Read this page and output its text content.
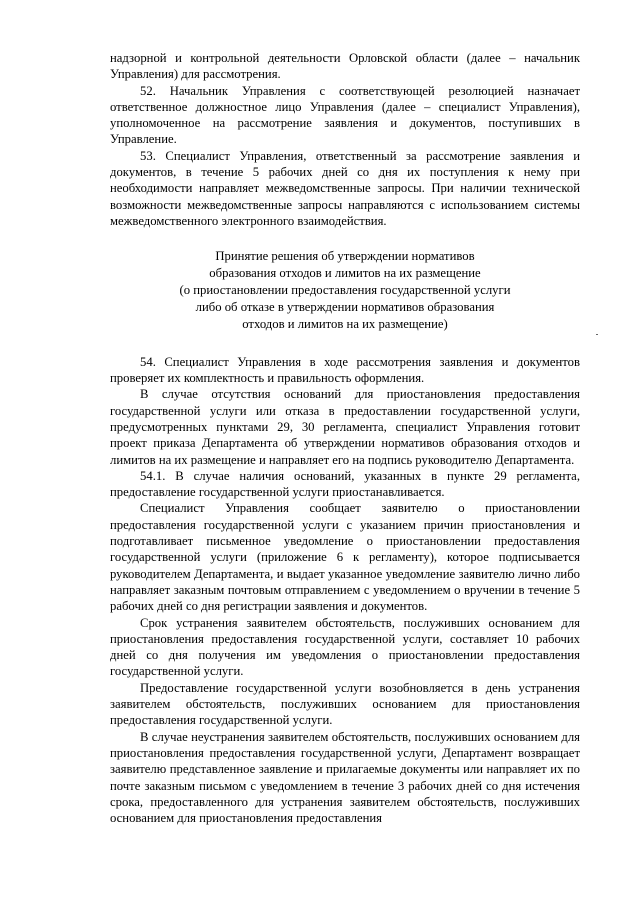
надзорной и контрольной деятельности Орловской области (далее – начальник Управления) для рассмотрения.

52. Начальник Управления с соответствующей резолюцией назначает ответственное должностное лицо Управления (далее – специалист Управления), уполномоченное на рассмотрение заявления и документов, поступивших в Управление.

53. Специалист Управления, ответственный за рассмотрение заявления и документов, в течение 5 рабочих дней со дня их поступления к нему при необходимости направляет межведомственные запросы. При наличии технической возможности межведомственные запросы направляются с использованием системы межведомственного электронного взаимодействия.

Принятие решения об утверждении нормативов
образования отходов и лимитов на их размещение
(о приостановлении предоставления государственной услуги
либо об отказе в утверждении нормативов образования
отходов и лимитов на их размещение)

54. Специалист Управления в ходе рассмотрения заявления и документов проверяет их комплектность и правильность оформления.

В случае отсутствия оснований для приостановления предоставления государственной услуги или отказа в предоставлении государственной услуги, предусмотренных пунктами 29, 30 регламента, специалист Управления готовит проект приказа Департамента об утверждении нормативов образования отходов и лимитов на их размещение и направляет его на подпись руководителю Департамента.

54.1. В случае наличия оснований, указанных в пункте 29 регламента, предоставление государственной услуги приостанавливается.

Специалист Управления сообщает заявителю о приостановлении предоставления государственной услуги с указанием причин приостановления и подготавливает письменное уведомление о приостановлении предоставления государственной услуги (приложение 6 к регламенту), которое подписывается руководителем Департамента, и выдает указанное уведомление заявителю лично либо направляет заказным почтовым отправлением с уведомлением о вручении в течение 5 рабочих дней со дня регистрации заявления и документов.

Срок устранения заявителем обстоятельств, послуживших основанием для приостановления предоставления государственной услуги, составляет 10 рабочих дней со дня получения им уведомления о приостановлении предоставления государственной услуги.

Предоставление государственной услуги возобновляется в день устранения заявителем обстоятельств, послуживших основанием для приостановления предоставления государственной услуги.

В случае неустранения заявителем обстоятельств, послуживших основанием для приостановления предоставления государственной услуги, Департамент возвращает заявителю представленное заявление и прилагаемые документы или направляет их по почте заказным письмом с уведомлением в течение 3 рабочих дней со дня истечения срока, предоставленного для устранения заявителем обстоятельств, послуживших основанием для приостановления предоставления
